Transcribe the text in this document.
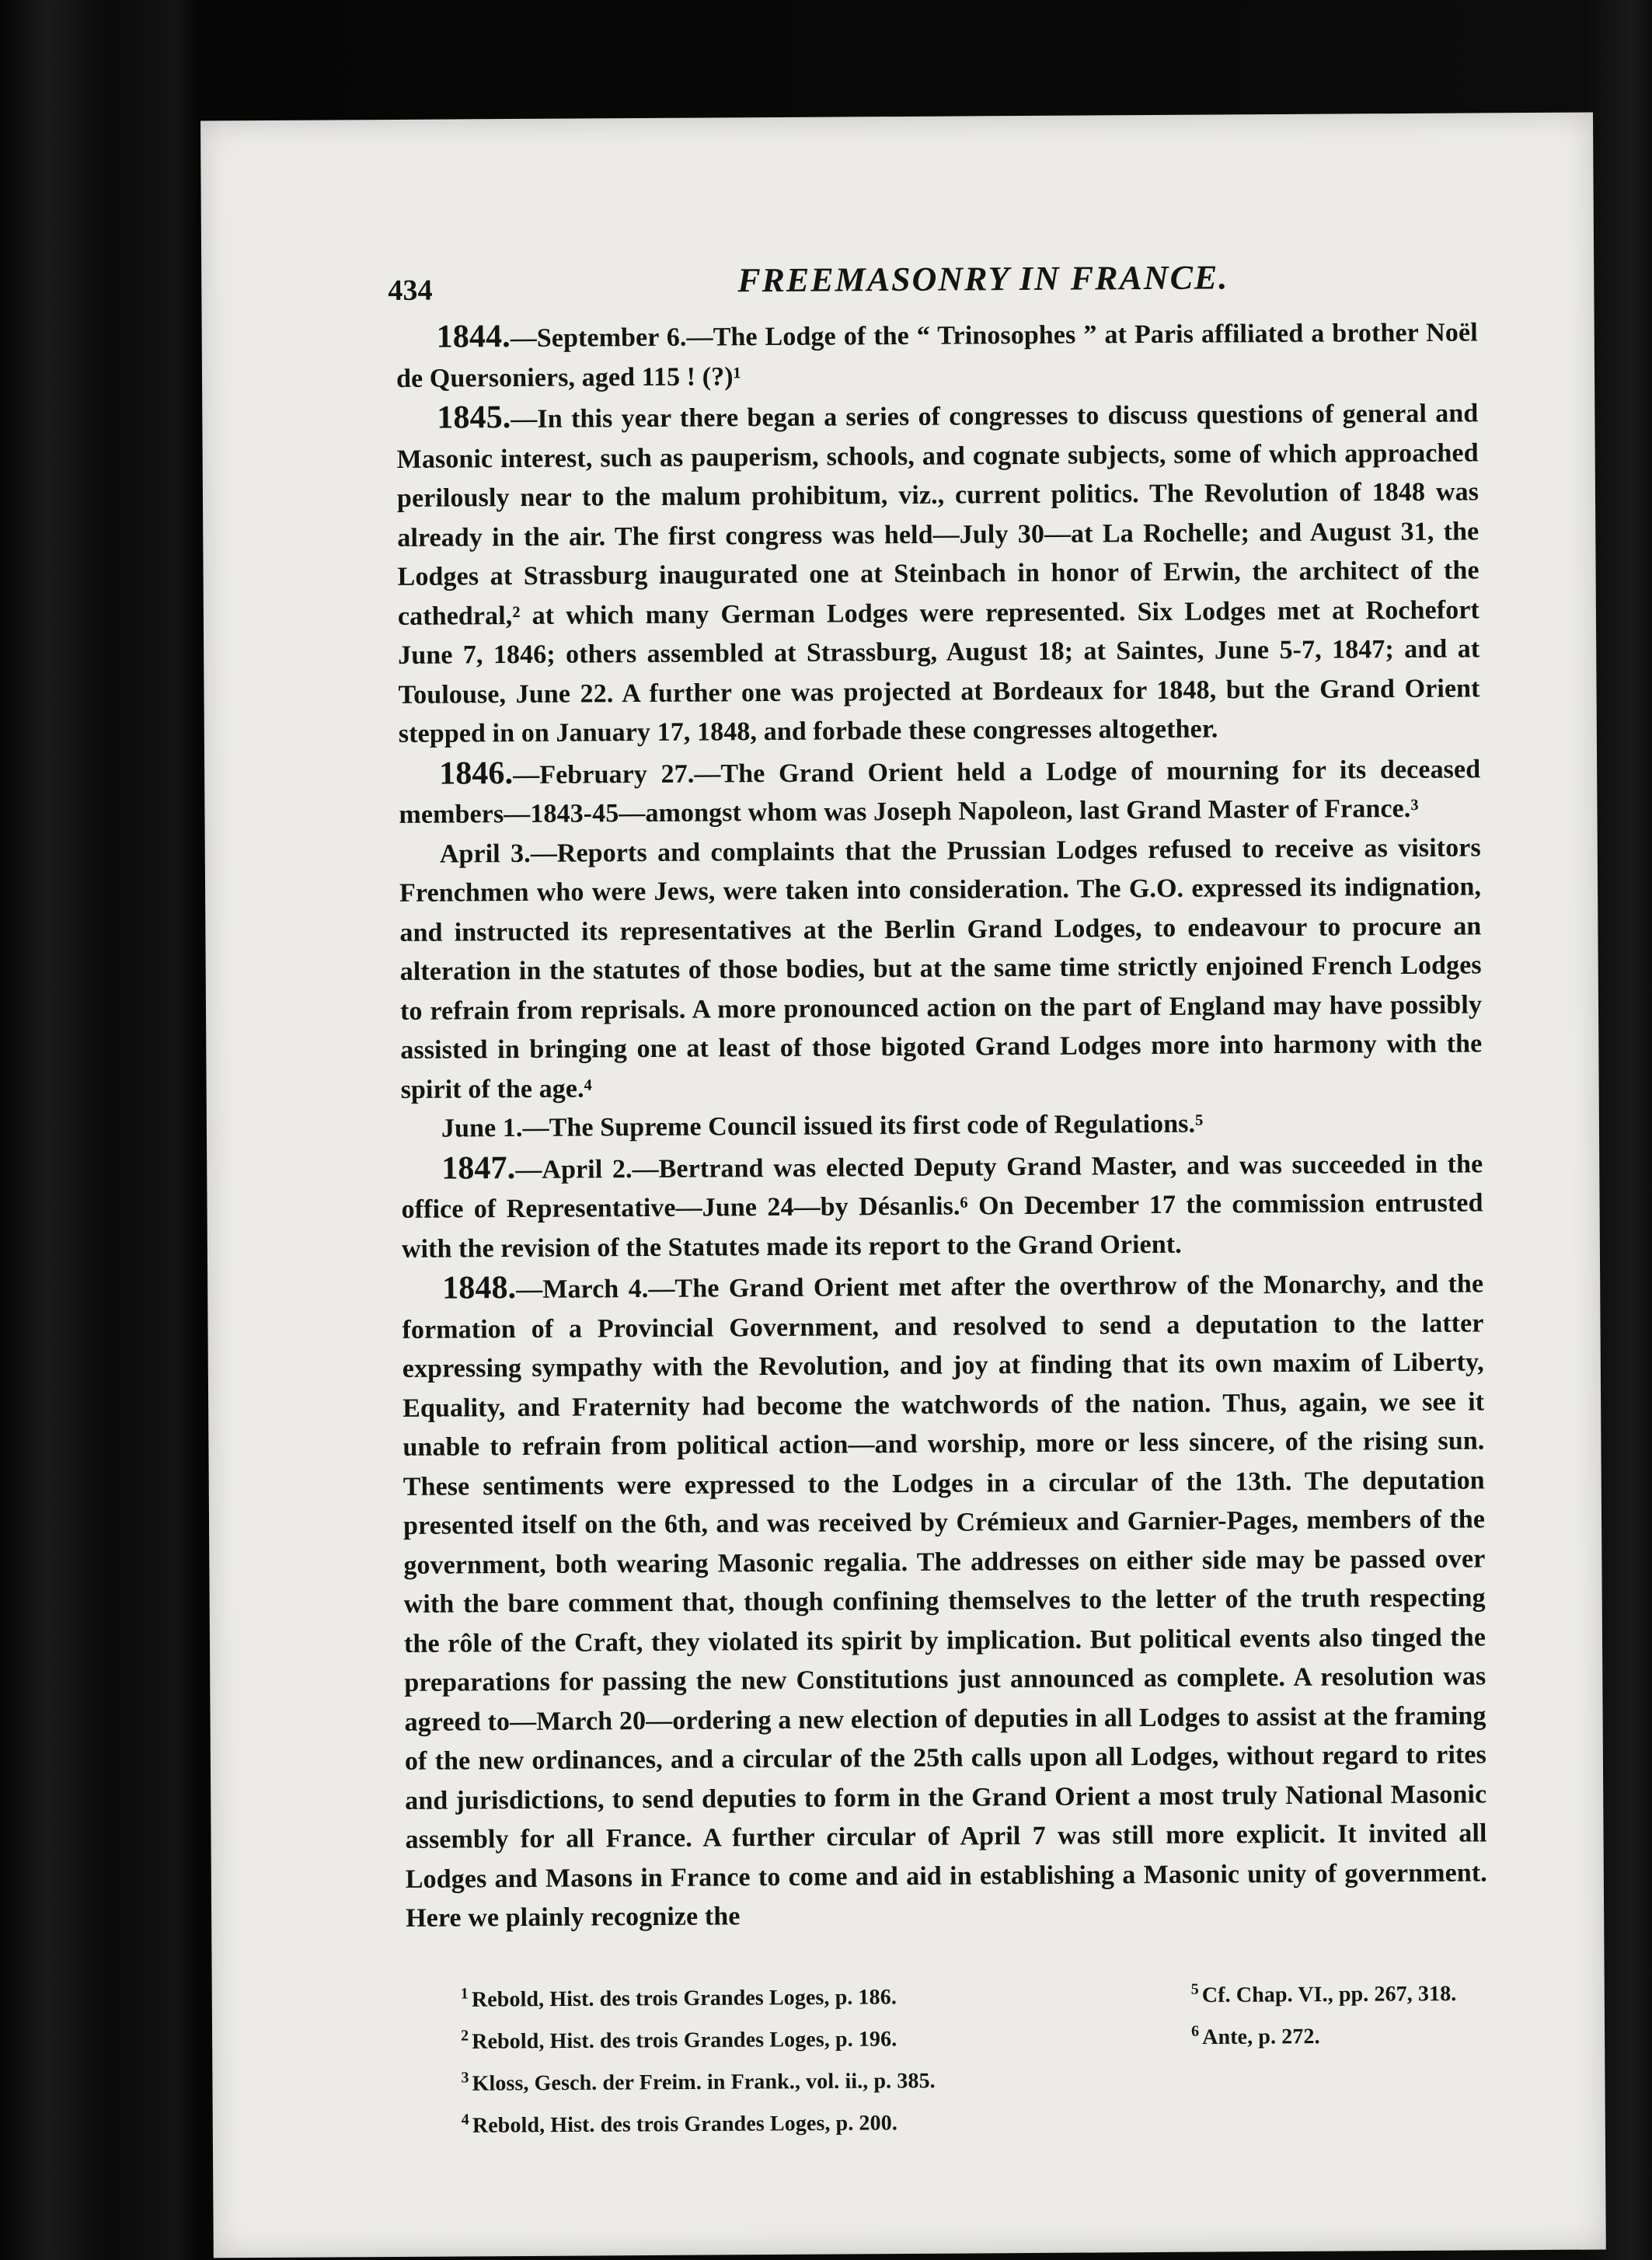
434	FREEMASONRY IN FRANCE.

1844.—September 6.—The Lodge of the “ Trinosophes ” at Paris affiliated a brother Noël de Quersoniers, aged 115 ! (?)¹

1845.—In this year there began a series of congresses to discuss questions of general and Masonic interest, such as pauperism, schools, and cognate subjects, some of which approached perilously near to the malum prohibitum, viz., current politics. The Revolution of 1848 was already in the air. The first congress was held—July 30—at La Rochelle; and August 31, the Lodges at Strassburg inaugurated one at Steinbach in honor of Erwin, the architect of the cathedral,² at which many German Lodges were represented. Six Lodges met at Rochefort June 7, 1846; others assembled at Strassburg, August 18; at Saintes, June 5-7, 1847; and at Toulouse, June 22. A further one was projected at Bordeaux for 1848, but the Grand Orient stepped in on January 17, 1848, and forbade these congresses altogether.

1846.—February 27.—The Grand Orient held a Lodge of mourning for its deceased members—1843-45—amongst whom was Joseph Napoleon, last Grand Master of France.³

April 3.—Reports and complaints that the Prussian Lodges refused to receive as visitors Frenchmen who were Jews, were taken into consideration. The G.O. expressed its indignation, and instructed its representatives at the Berlin Grand Lodges, to endeavour to procure an alteration in the statutes of those bodies, but at the same time strictly enjoined French Lodges to refrain from reprisals. A more pronounced action on the part of England may have possibly assisted in bringing one at least of those bigoted Grand Lodges more into harmony with the spirit of the age.⁴

June 1.—The Supreme Council issued its first code of Regulations.⁵

1847.—April 2.—Bertrand was elected Deputy Grand Master, and was succeeded in the office of Representative—June 24—by Désanlis.⁶ On December 17 the commission entrusted with the revision of the Statutes made its report to the Grand Orient.

1848.—March 4.—The Grand Orient met after the overthrow of the Monarchy, and the formation of a Provincial Government, and resolved to send a deputation to the latter expressing sympathy with the Revolution, and joy at finding that its own maxim of Liberty, Equality, and Fraternity had become the watchwords of the nation. Thus, again, we see it unable to refrain from political action—and worship, more or less sincere, of the rising sun. These sentiments were expressed to the Lodges in a circular of the 13th. The deputation presented itself on the 6th, and was received by Crémieux and Garnier-Pages, members of the government, both wearing Masonic regalia. The addresses on either side may be passed over with the bare comment that, though confining themselves to the letter of the truth respecting the rôle of the Craft, they violated its spirit by implication. But political events also tinged the preparations for passing the new Constitutions just announced as complete. A resolution was agreed to—March 20—ordering a new election of deputies in all Lodges to assist at the framing of the new ordinances, and a circular of the 25th calls upon all Lodges, without regard to rites and jurisdictions, to send deputies to form in the Grand Orient a most truly National Masonic assembly for all France. A further circular of April 7 was still more explicit. It invited all Lodges and Masons in France to come and aid in establishing a Masonic unity of government. Here we plainly recognize the

$^1$ Rebold, Hist. des trois Grandes Loges, p. 186.

$^2$ Rebold, Hist. des trois Grandes Loges, p. 196.

$^3$ Kloss, Gesch. der Freim. in Frank., vol. ii., p. 385.

$^4$ Rebold, Hist. des trois Grandes Loges, p. 200.

$^5$ Cf. Chap. VI., pp. 267, 318.

$^6$ Ante, p. 272.
